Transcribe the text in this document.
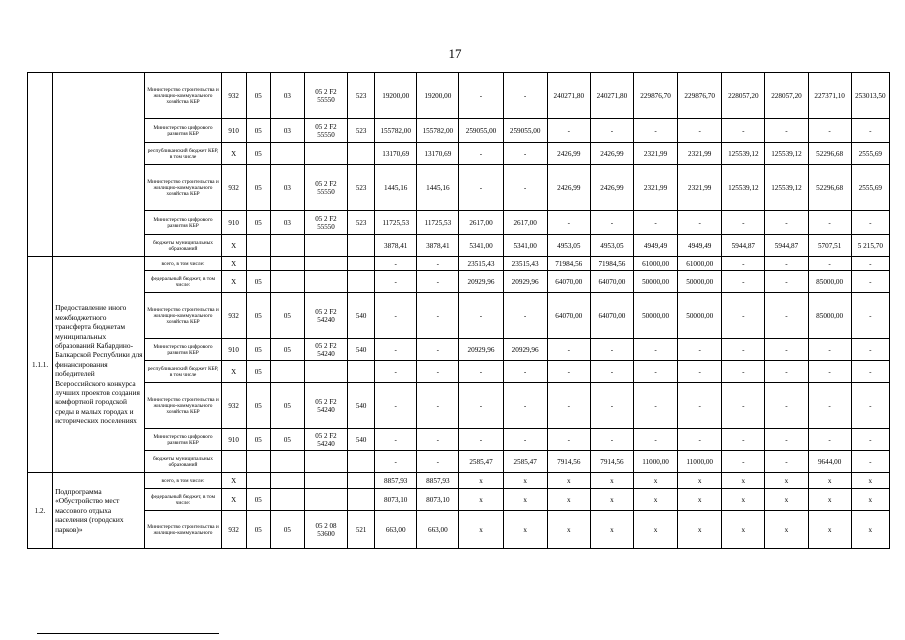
17
		Министерство строительства и жилищно-коммунального хозяйства КБР	932	05	03	05 2 F2 55550	523	19200,00	19200,00	-	-	240271,80	240271,80	229876,70	229876,70	228057,20	228057,20	227371,10	253013,50
		Министерство цифрового развития КБР	910	05	03	05 2 F2 55550	523	155782,00	155782,00	259055,00	259055,00	-	-	-	-	-	-	-	-
		республиканский бюджет КБР, в том числе	X	05				13170,69	13170,69	-	-	2426,99	2426,99	2321,99	2321,99	125539,12	125539,12	52296,68	2555,69
		Министерство строительства и жилищно-коммунального хозяйства КБР	932	05	03	05 2 F2 55550	523	1445,16	1445,16	-	-	2426,99	2426,99	2321,99	2321,99	125539,12	125539,12	52296,68	2555,69
		Министерство цифрового развития КБР	910	05	03	05 2 F2 55550	523	11725,53	11725,53	2617,00	2617,00	-	-	-	-	-	-	-	-
		бюджеты муниципальных образований	X					3878,41	3878,41	5341,00	5341,00	4953,05	4953,05	4949,49	4949,49	5944,87	5944,87	5707,51	5 215,70
1.1.1.	Предоставление иного межбюджетного трансферта бюджетам муниципальных образований Кабардино-Балкарской Республики для финансирования победителей Всероссийского конкурса лучших проектов создания комфортной городской среды в малых городах и исторических поселениях	всего, в том числе:	X					-	-	23515,43	23515,43	71984,56	71984,56	61000,00	61000,00	-	-	-	-
		федеральный бюджет, в том числе:	X	05				-	-	20929,96	20929,96	64070,00	64070,00	50000,00	50000,00	-	-	85000,00	-
		Министерство строительства и жилищно-коммунального хозяйства КБР	932	05	05	05 2 F2 54240	540	-	-	-	-	64070,00	64070,00	50000,00	50000,00	-	-	85000,00	-
		Министерство цифрового развития КБР	910	05	05	05 2 F2 54240	540	-	-	20929,96	20929,96	-	-	-	-	-	-	-	-
		республиканский бюджет КБР, в том числе	X	05				-	-	-	-	-	-	-	-	-	-	-	-
		Министерство строительства и жилищно-коммунального хозяйства КБР	932	05	05	05 2 F2 54240	540	-	-	-	-	-	-	-	-	-	-	-	-
		Министерство цифрового развития КБР	910	05	05	05 2 F2 54240	540	-	-	-	-	-	-	-	-	-	-	-	-
		бюджеты муниципальных образований						-	-	2585,47	2585,47	7914,56	7914,56	11000,00	11000,00	-	-	9644,00	-
1.2.	Подпрограмма «Обустройство мест массового отдыха населения (городских парков)»	всего, в том числе:	X					8857,93	8857,93	x	x	x	x	x	x	x	x	x	x
		федеральный бюджет, в том числе:	X	05				8073,10	8073,10	x	x	x	x	x	x	x	x	x	x
		Министерство строительства и жилищно-коммунального	932	05	05	05 2 08 53600	521	663,00	663,00	x	x	x	x	x	x	x	x	x	x
